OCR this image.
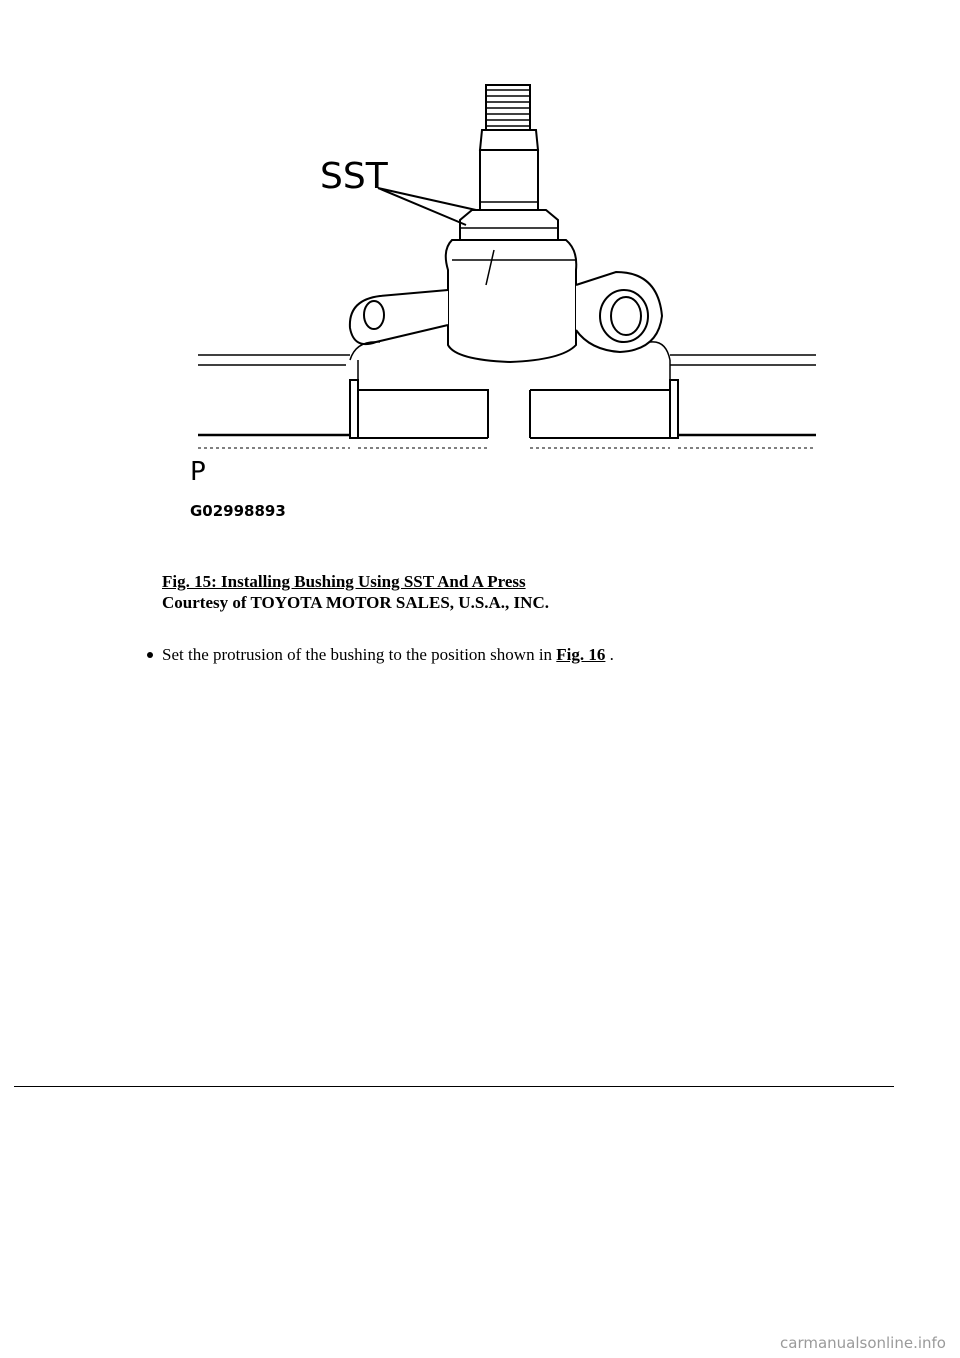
SST
P
G02998893
Fig. 15: Installing Bushing Using SST And A Press
Courtesy of TOYOTA MOTOR SALES, U.S.A., INC.
Set the protrusion of the bushing to the position shown in Fig. 16 .
carmanualsonline.info
